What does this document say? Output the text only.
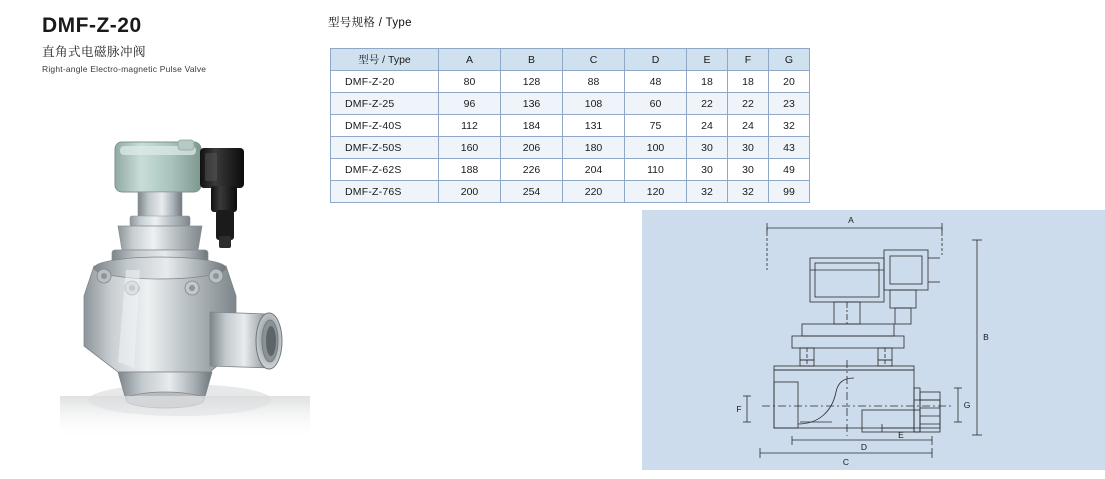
DMF-Z-20
直角式电磁脉冲阀
Right-angle Electro-magnetic Pulse Valve
型号规格 / Type
型号 / Type	A	B	C	D	E	F	G
DMF-Z-20	80	128	88	48	18	18	20
DMF-Z-25	96	136	108	60	22	22	23
DMF-Z-40S	112	184	131	75	24	24	32
DMF-Z-50S	160	206	180	100	30	30	43
DMF-Z-62S	188	226	204	110	30	30	49
DMF-Z-76S	200	254	220	120	32	32	99
A
B
C
D
E
F	G
